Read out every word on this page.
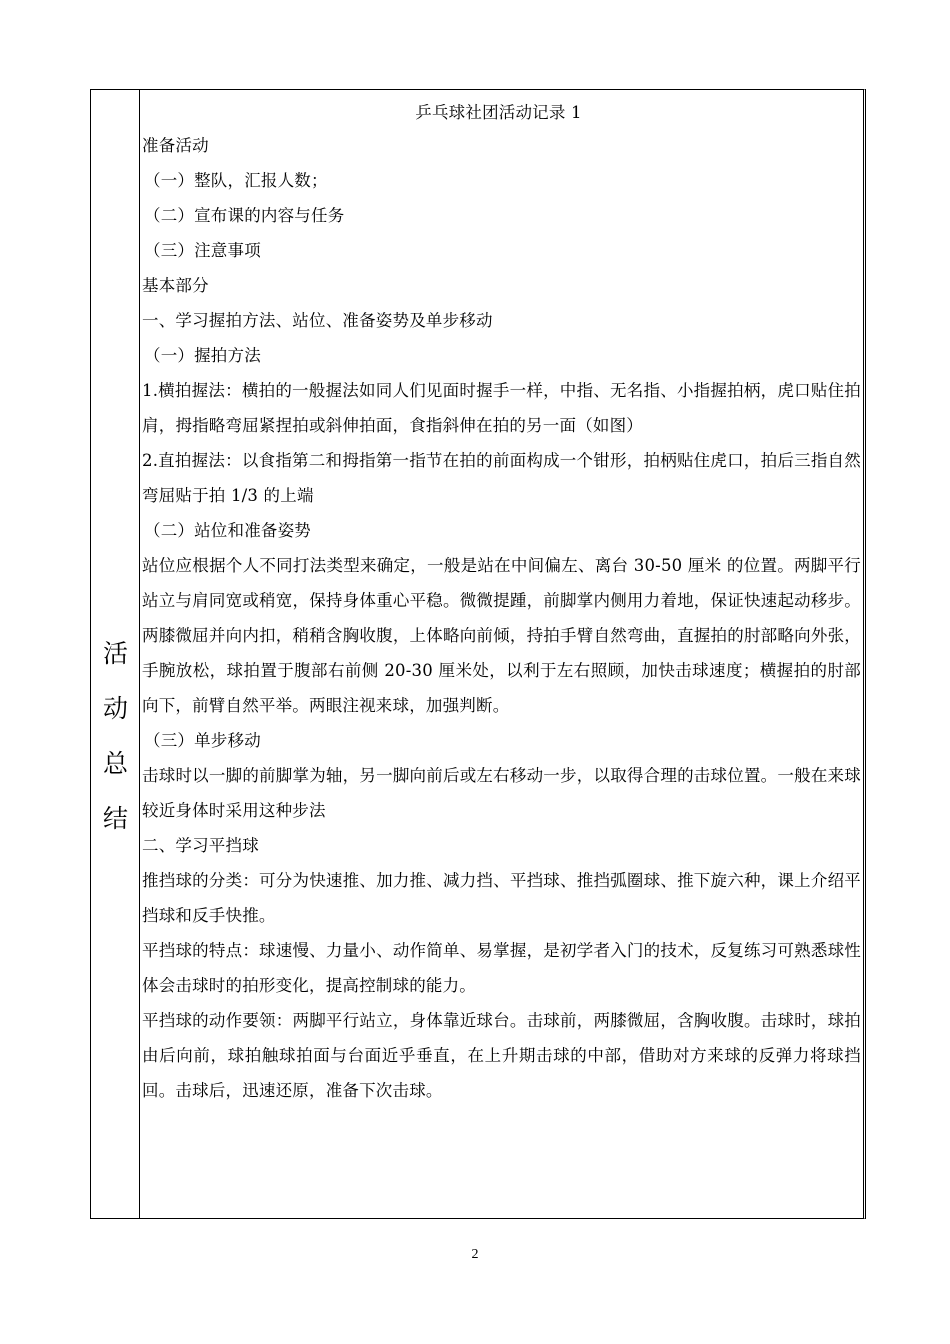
活
动
总
结
乒乓球社团活动记录 1
准备活动
（一）整队，汇报人数；
（二）宣布课的内容与任务
（三）注意事项
基本部分
一、学习握拍方法、站位、准备姿势及单步移动
（一）握拍方法

1.横拍握法：横拍的一般握法如同人们见面时握手一样，中指、无名指、小指握拍柄，虎口贴住拍肩，拇指略弯屈紧捏拍或斜伸拍面，食指斜伸在拍的另一面（如图）

2.直拍握法：以食指第二和拇指第一指节在拍的前面构成一个钳形，拍柄贴住虎口，拍后三指自然弯屈贴于拍 1/3 的上端

（二）站位和准备姿势

站位应根据个人不同打法类型来确定，一般是站在中间偏左、离台 30-50 厘米 的位置。两脚平行站立与肩同宽或稍宽，保持身体重心平稳。微微提踵，前脚掌内侧用力着地，保证快速起动移步。两膝微屈并向内扣，稍稍含胸收腹，上体略向前倾，持拍手臂自然弯曲，直握拍的肘部略向外张，手腕放松，球拍置于腹部右前侧 20-30 厘米处，以利于左右照顾，加快击球速度；横握拍的肘部向下，前臂自然平举。两眼注视来球，加强判断。

（三）单步移动

击球时以一脚的前脚掌为轴，另一脚向前后或左右移动一步，以取得合理的击球位置。一般在来球较近身体时采用这种步法

二、学习平挡球

推挡球的分类：可分为快速推、加力推、减力挡、平挡球、推挡弧圈球、推下旋六种，课上介绍平挡球和反手快推。

平挡球的特点：球速慢、力量小、动作简单、易掌握，是初学者入门的技术，反复练习可熟悉球性体会击球时的拍形变化，提高控制球的能力。

平挡球的动作要领：两脚平行站立，身体靠近球台。击球前，两膝微屈，含胸收腹。击球时，球拍由后向前，球拍触球拍面与台面近乎垂直，在上升期击球的中部，借助对方来球的反弹力将球挡回。击球后，迅速还原，准备下次击球。

2
